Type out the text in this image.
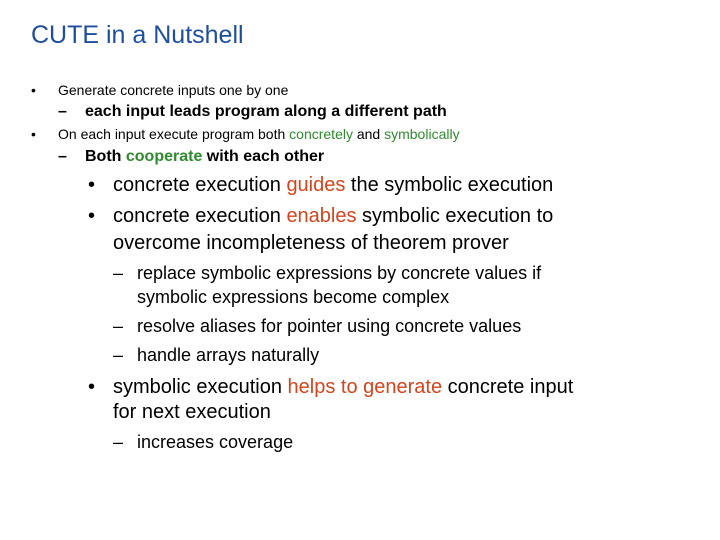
CUTE in a Nutshell
• Generate concrete inputs one by one
– each input leads program along a different path
• On each input execute program both concretely and symbolically
– Both cooperate with each other
• concrete execution guides the symbolic execution
• concrete execution enables symbolic execution to
overcome incompleteness of theorem prover
– replace symbolic expressions by concrete values if
symbolic expressions become complex
– resolve aliases for pointer using concrete values
– handle arrays naturally
• symbolic execution helps to generate concrete input
for next execution
– increases coverage
